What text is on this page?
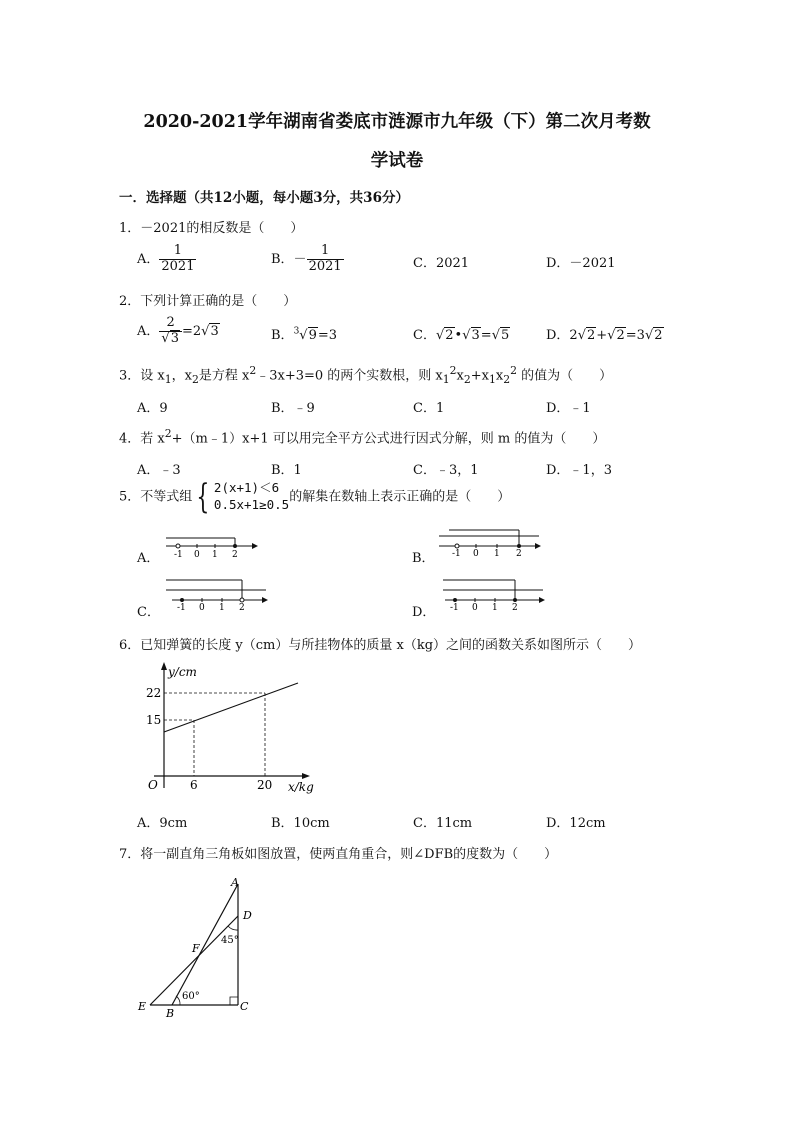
2020-2021学年湖南省娄底市涟源市九年级（下）第二次月考数
学试卷
一．选择题（共12小题，每小题3分，共36分）
1．－2021的相反数是（　　）
A． $\frac{1}{2021}$	B．－ $\frac{1}{2021}$	C．2021	D．－2021
2．下列计算正确的是（　　）
A． $\frac{2}{√3} =2√3$	B．$^3$√9=3	C．√2•√3=√5	D．2√2+√2=3√2
3．设 $x_1$，$x_2$是方程 $x^2﹣3x+3=0$ 的两个实数根，则 $x_1^2x_2+x_1x_2^2$ 的值为（　　）
A．9	B．﹣9	C．1	D．﹣1
4．若 $x^2+(m﹣1)x+1$ 可以用完全平方公式进行因式分解，则 m 的值为（　　）
A．﹣3	B．1	C．﹣3，1	D．﹣1，3
5．不等式组 { 2(x+1)＜6
0.5x+1≥0.5 的解集在数轴上表示正确的是（　　）
A．	B．
C．	D．
-1 0 1 2	-1 0 1 2
-1 0 1 2	-1 0 1 2
6．已知弹簧的长度 y（cm）与所挂物体的质量 x（kg）之间的函数关系如图所示（　　）
y/cm
x/kg
O
22
15
6	20
A．9cm	B．10cm	C．11cm	D．12cm
7．将一副直角三角板如图放置，使两直角重合，则∠DFB的度数为（　　）
A
D
F
45°
60°
E
B
C
